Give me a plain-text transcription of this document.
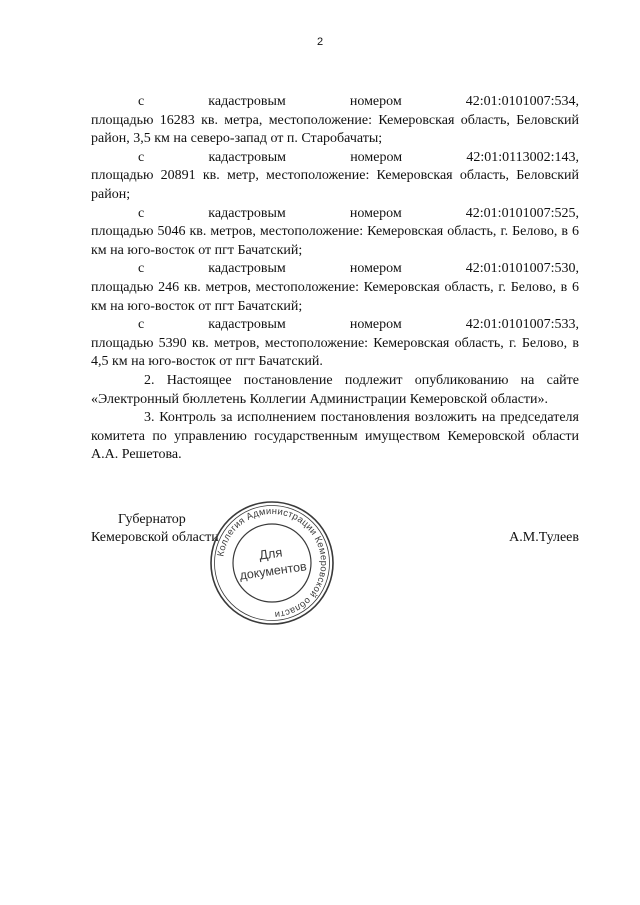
2
с	кадастровым	номером	42:01:0101007:534,
площадью 16283 кв. метра, местоположение: Кемеровская область, Беловский район, 3,5 км на северо-запад от п. Старобачаты;
с	кадастровым	номером	42:01:0113002:143,
площадью 20891 кв. метр, местоположение: Кемеровская область, Беловский район;
с	кадастровым	номером	42:01:0101007:525,
площадью 5046 кв. метров, местоположение: Кемеровская область, г. Белово, в 6 км на юго-восток от пгт Бачатский;
с	кадастровым	номером	42:01:0101007:530,
площадью 246 кв. метров, местоположение: Кемеровская область, г. Белово, в 6 км на юго-восток от пгт Бачатский;
с	кадастровым	номером	42:01:0101007:533,
площадью 5390 кв. метров, местоположение: Кемеровская область, г. Белово, в 4,5 км на юго-восток от пгт Бачатский.

2. Настоящее постановление подлежит опубликованию на сайте «Электронный бюллетень Коллегии Администрации Кемеровской области».

3. Контроль за исполнением постановления возложить на председателя комитета по управлению государственным имуществом Кемеровской области А.А. Решетова.

Губернатор
Кемеровской области	А.М.Тулеев
Коллегия Администрации Кемеровской области
Для
документов
